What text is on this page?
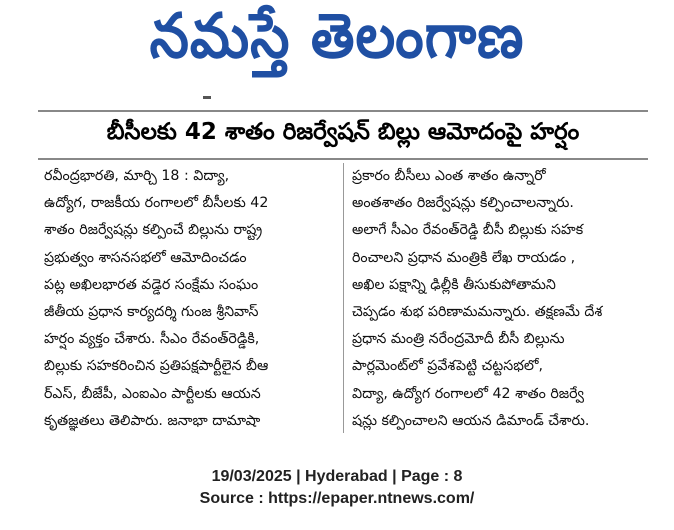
నమస్తే తెలంగాణ
బీసీలకు 42 శాతం రిజర్వేషన్ బిల్లు ఆమోదంపై హర్షం
రవీంద్రభారతి, మార్చి 18 : విద్యా,
ఉద్యోగ, రాజకీయ రంగాలలో బీసీలకు 42
శాతం రిజర్వేషన్లు కల్పించే బిల్లును రాష్ట్ర
ప్రభుత్వం శాసనసభలో ఆమోదించడం
పట్ల అఖిలభారత వడ్డెర సంక్షేమ సంఘం
జీతీయ ప్రధాన కార్యదర్శి గుంజ శ్రీనివాస్
హర్షం వ్యక్తం చేశారు. సీఎం రేవంత్‌రెడ్డికి,
బిల్లుకు సహకరించిన ప్రతిపక్షపార్టీలైన బీఆ
ర్ఎస్, బీజేపీ, ఎంఐఎం పార్టీలకు ఆయన
కృతజ్ఞతలు తెలిపారు. జనాభా దామాషా
ప్రకారం బీసీలు ఎంత శాతం ఉన్నారో
అంతశాతం రిజర్వేషన్లు కల్పించాలన్నారు.
అలాగే సీఎం రేవంత్‌రెడ్డి బీసీ బిల్లుకు సహక
రించాలని ప్రధాన మంత్రికి లేఖ రాయడం ,
అఖిల పక్షాన్ని ఢిల్లీకి తీసుకుపోతామని
చెప్పడం శుభ పరిణామమన్నారు. తక్షణమే దేశ
ప్రధాన మంత్రి నరేంద్రమోదీ బీసీ బిల్లును
పార్లమెంట్‌లో ప్రవేశపెట్టి చట్టసభలో,
విద్యా, ఉద్యోగ రంగాలలో 42 శాతం రిజర్వే
షన్లు కల్పించాలని ఆయన డిమాండ్ చేశారు.
19/03/2025 | Hyderabad | Page : 8
Source : https://epaper.ntnews.com/
